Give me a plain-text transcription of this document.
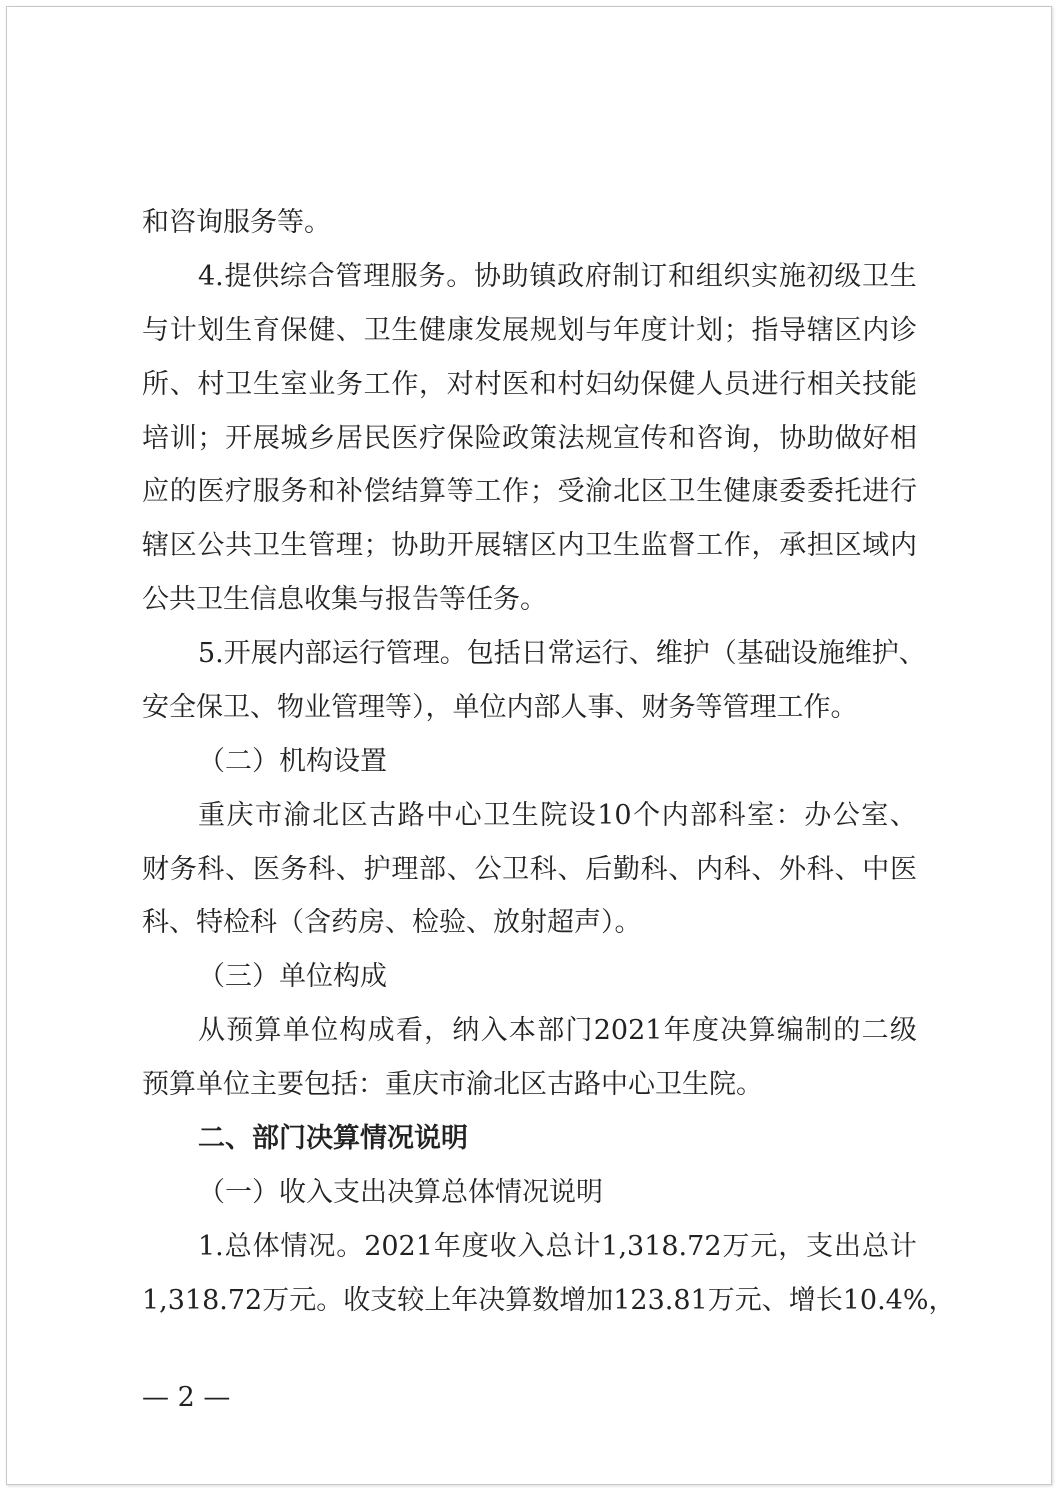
和咨询服务等。
4. 提 供 综 合 管 理 服 务 。 协 助 镇 政 府 制 订 和 组 织 实 施 初 级 卫 生
与 计 划 生 育 保 健 、 卫 生 健 康 发 展 规 划 与 年 度 计 划 ； 指 导 辖 区 内 诊
所 、 村 卫 生 室 业 务 工 作 ， 对 村 医 和 村 妇 幼 保 健 人 员 进 行 相 关 技 能
培 训 ； 开 展 城 乡 居 民 医 疗 保 险 政 策 法 规 宣 传 和 咨 询 ， 协 助 做 好 相
应 的 医 疗 服 务 和 补 偿 结 算 等 工 作 ； 受 渝 北 区 卫 生 健 康 委 委 托 进 行
辖 区 公 共 卫 生 管 理 ； 协 助 开 展 辖 区 内 卫 生 监 督 工 作 ， 承 担 区 域 内
公共卫生信息收集与报告等任务。
5. 开 展 内 部 运 行 管 理 。 包 括 日 常 运 行 、 维 护 （ 基 础 设 施 维 护 、
安全保卫、物业管理等），单位内部人事、财务等管理工作。
（二）机构设置
重 庆 市 渝 北 区 古 路 中 心 卫 生 院 设 10 个 内 部 科 室 ： 办 公 室 、
财 务 科 、 医 务 科 、 护 理 部 、 公 卫 科 、 后 勤 科 、 内 科 、 外 科 、 中 医
科、特检科（含药房、检验、放射超声）。
（三）单位构成
从 预 算 单 位 构 成 看 ， 纳 入 本 部 门 2021 年 度 决 算 编 制 的 二 级
预算单位主要包括：重庆市渝北区古路中心卫生院。
二、部门决算情况说明
（一）收入支出决算总体情况说明
1. 总 体 情 况 。 2021 年 度 收 入 总 计 1,318.72 万 元 ， 支 出 总 计
1,318.72 万 元 。 收 支 较 上 年 决 算 数 增 加 123.81 万 元 、 增 长 10.4% ，
— 2 —
